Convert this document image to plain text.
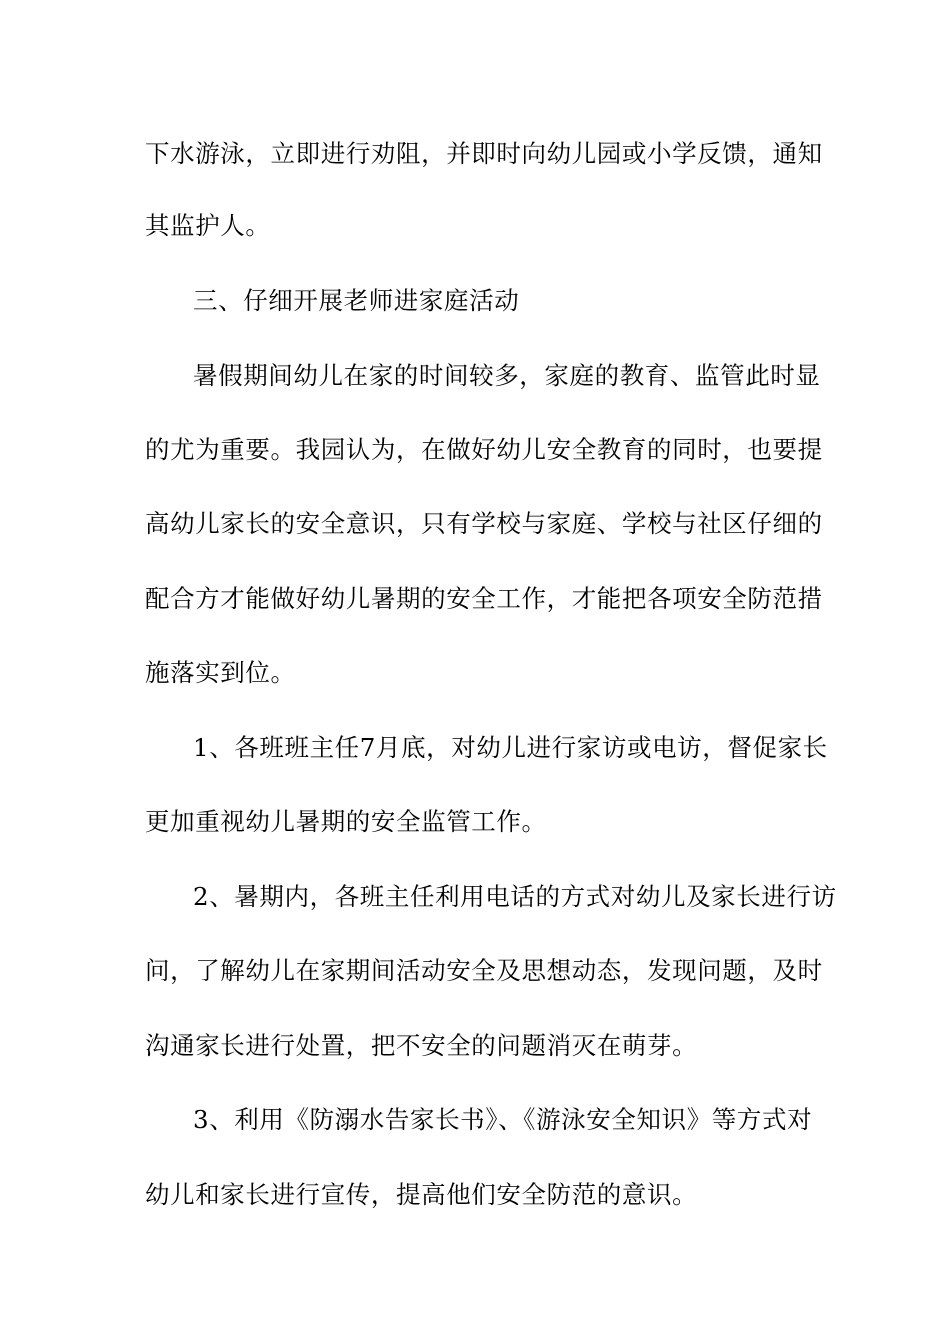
下水游泳，立即进行劝阻，并即时向幼儿园或小学反馈，通知
其监护人。
三、仔细开展老师进家庭活动
暑假期间幼儿在家的时间较多，家庭的教育、监管此时显
的尤为重要。我园认为，在做好幼儿安全教育的同时，也要提
高幼儿家长的安全意识，只有学校与家庭、学校与社区仔细的
配合方才能做好幼儿暑期的安全工作，才能把各项安全防范措
施落实到位。
1、各班班主任7月底，对幼儿进行家访或电访，督促家长
更加重视幼儿暑期的安全监管工作。
2、暑期内，各班主任利用电话的方式对幼儿及家长进行访
问，了解幼儿在家期间活动安全及思想动态，发现问题，及时
沟通家长进行处置，把不安全的问题消灭在萌芽。
3、利用《防溺水告家长书》、《游泳安全知识》等方式对
幼儿和家长进行宣传，提高他们安全防范的意识。
